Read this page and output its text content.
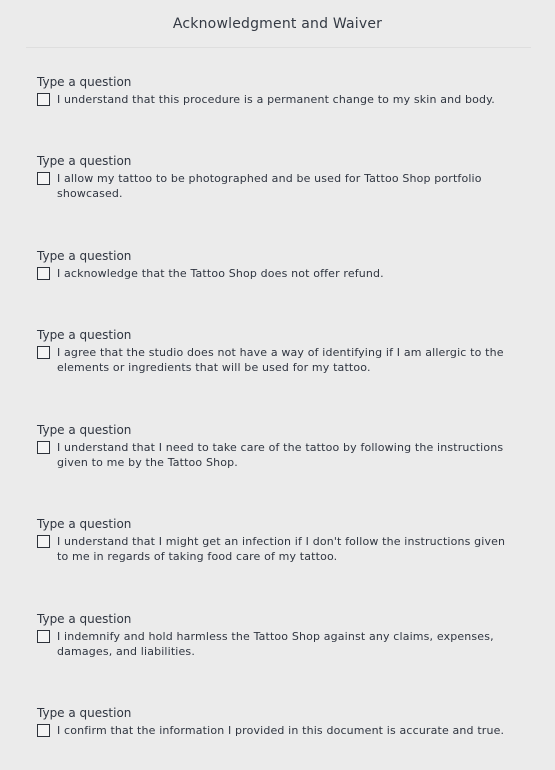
Acknowledgment and Waiver
Type a question
I understand that this procedure is a permanent change to my skin and body.
Type a question
I allow my tattoo to be photographed and be used for Tattoo Shop portfolio showcased.
Type a question
I acknowledge that the Tattoo Shop does not offer refund.
Type a question
I agree that the studio does not have a way of identifying if I am allergic to the elements or ingredients that will be used for my tattoo.
Type a question
I understand that I need to take care of the tattoo by following the instructions given to me by the Tattoo Shop.
Type a question
I understand that I might get an infection if I don't follow the instructions given to me in regards of taking food care of my tattoo.
Type a question
I indemnify and hold harmless the Tattoo Shop against any claims, expenses, damages, and liabilities.
Type a question
I confirm that the information I provided in this document is accurate and true.
